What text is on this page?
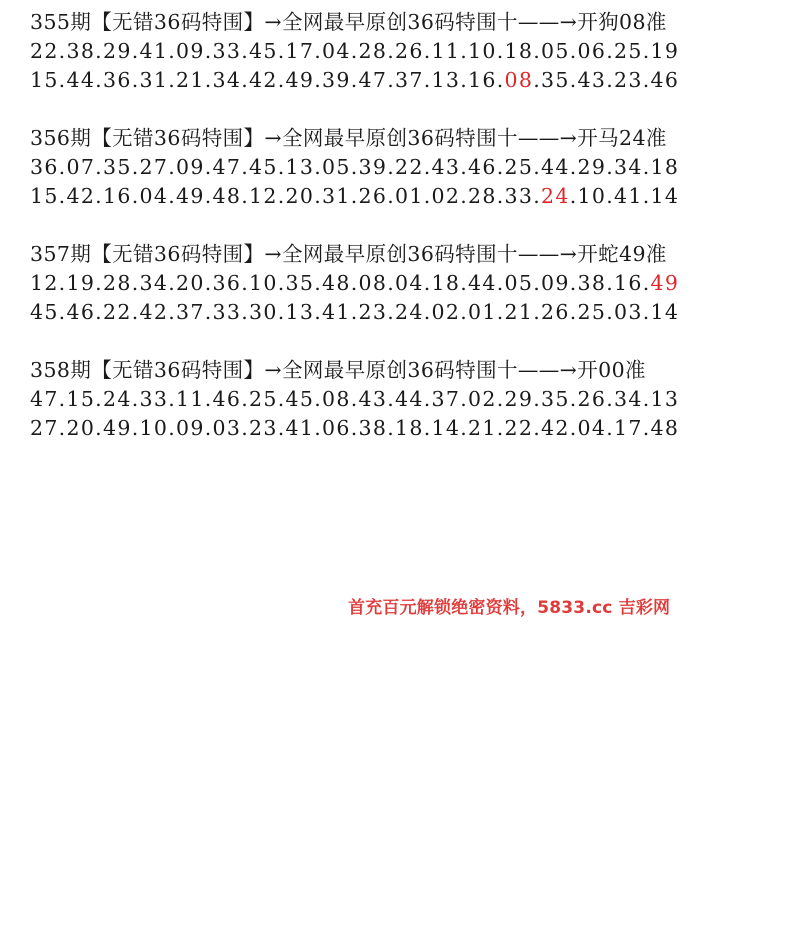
355期【无错36码特围】→全网最早原创36码特围十——→开狗08准
22.38.29.41.09.33.45.17.04.28.26.11.10.18.05.06.25.19
15.44.36.31.21.34.42.49.39.47.37.13.16.08.35.43.23.46
356期【无错36码特围】→全网最早原创36码特围十——→开马24准
36.07.35.27.09.47.45.13.05.39.22.43.46.25.44.29.34.18
15.42.16.04.49.48.12.20.31.26.01.02.28.33.24.10.41.14
357期【无错36码特围】→全网最早原创36码特围十——→开蛇49准
12.19.28.34.20.36.10.35.48.08.04.18.44.05.09.38.16.49
45.46.22.42.37.33.30.13.41.23.24.02.01.21.26.25.03.14
358期【无错36码特围】→全网最早原创36码特围十——→开00准
47.15.24.33.11.46.25.45.08.43.44.37.02.29.35.26.34.13
27.20.49.10.09.03.23.41.06.38.18.14.21.22.42.04.17.48
首充百元解锁绝密资料，5833.cc 吉彩网
